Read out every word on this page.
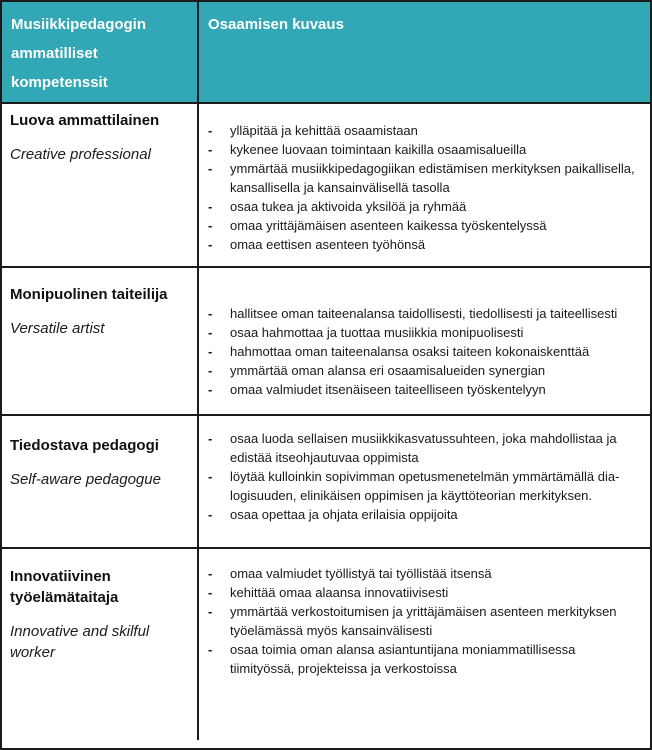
Musiikkipedagogin ammatilliset kompetenssit
Osaamisen kuvaus
Luova ammattilainen
Creative professional
-	ylläpitää ja kehittää osaamistaan
-	kykenee luovaan toimintaan kaikilla osaamisalueilla
-	ymmärtää musiikkipedagogiikan edistämisen merkityksen paikallisella, kansallisella ja kansainvälisellä tasolla
-	osaa tukea ja aktivoida yksilöä ja ryhmää
-	omaa yrittäjämäisen asenteen kaikessa työskentelyssä
-	omaa eettisen asenteen työhönsä
Monipuolinen taiteilija
Versatile artist
-	hallitsee oman taiteenalansa taidollisesti, tiedollisesti ja taiteellisesti
-	osaa hahmottaa ja tuottaa musiikkia monipuolisesti
-	hahmottaa oman taiteenalansa osaksi taiteen kokonaiskenttää
-	ymmärtää oman alansa eri osaamisalueiden synergian
-	omaa valmiudet itsenäiseen taiteelliseen työskentelyyn
Tiedostava pedagogi
Self-aware pedagogue
-	osaa luoda sellaisen musiikkikasvatussuhteen, joka mahdollistaa ja edistää itseohjautuvaa oppimista
-	löytää kulloinkin sopivimman opetusmenetelmän ymmärtämällä dialogisuuden, elinikäisen oppimisen ja käyttöteorian merkityksen.
-	osaa opettaa ja ohjata erilaisia oppijoita
Innovatiivinen työelämätaitaja
Innovative and skilful worker
-	omaa valmiudet työllistyä tai työllistää itsensä
-	kehittää omaa alaansa innovatiivisesti
-	ymmärtää verkostoitumisen ja yrittäjämäisen asenteen merkityksen työelämässä myös kansainvälisesti
-	osaa toimia oman alansa asiantuntijana moniammatillisessa tiimityössä, projekteissa ja verkostoissa
